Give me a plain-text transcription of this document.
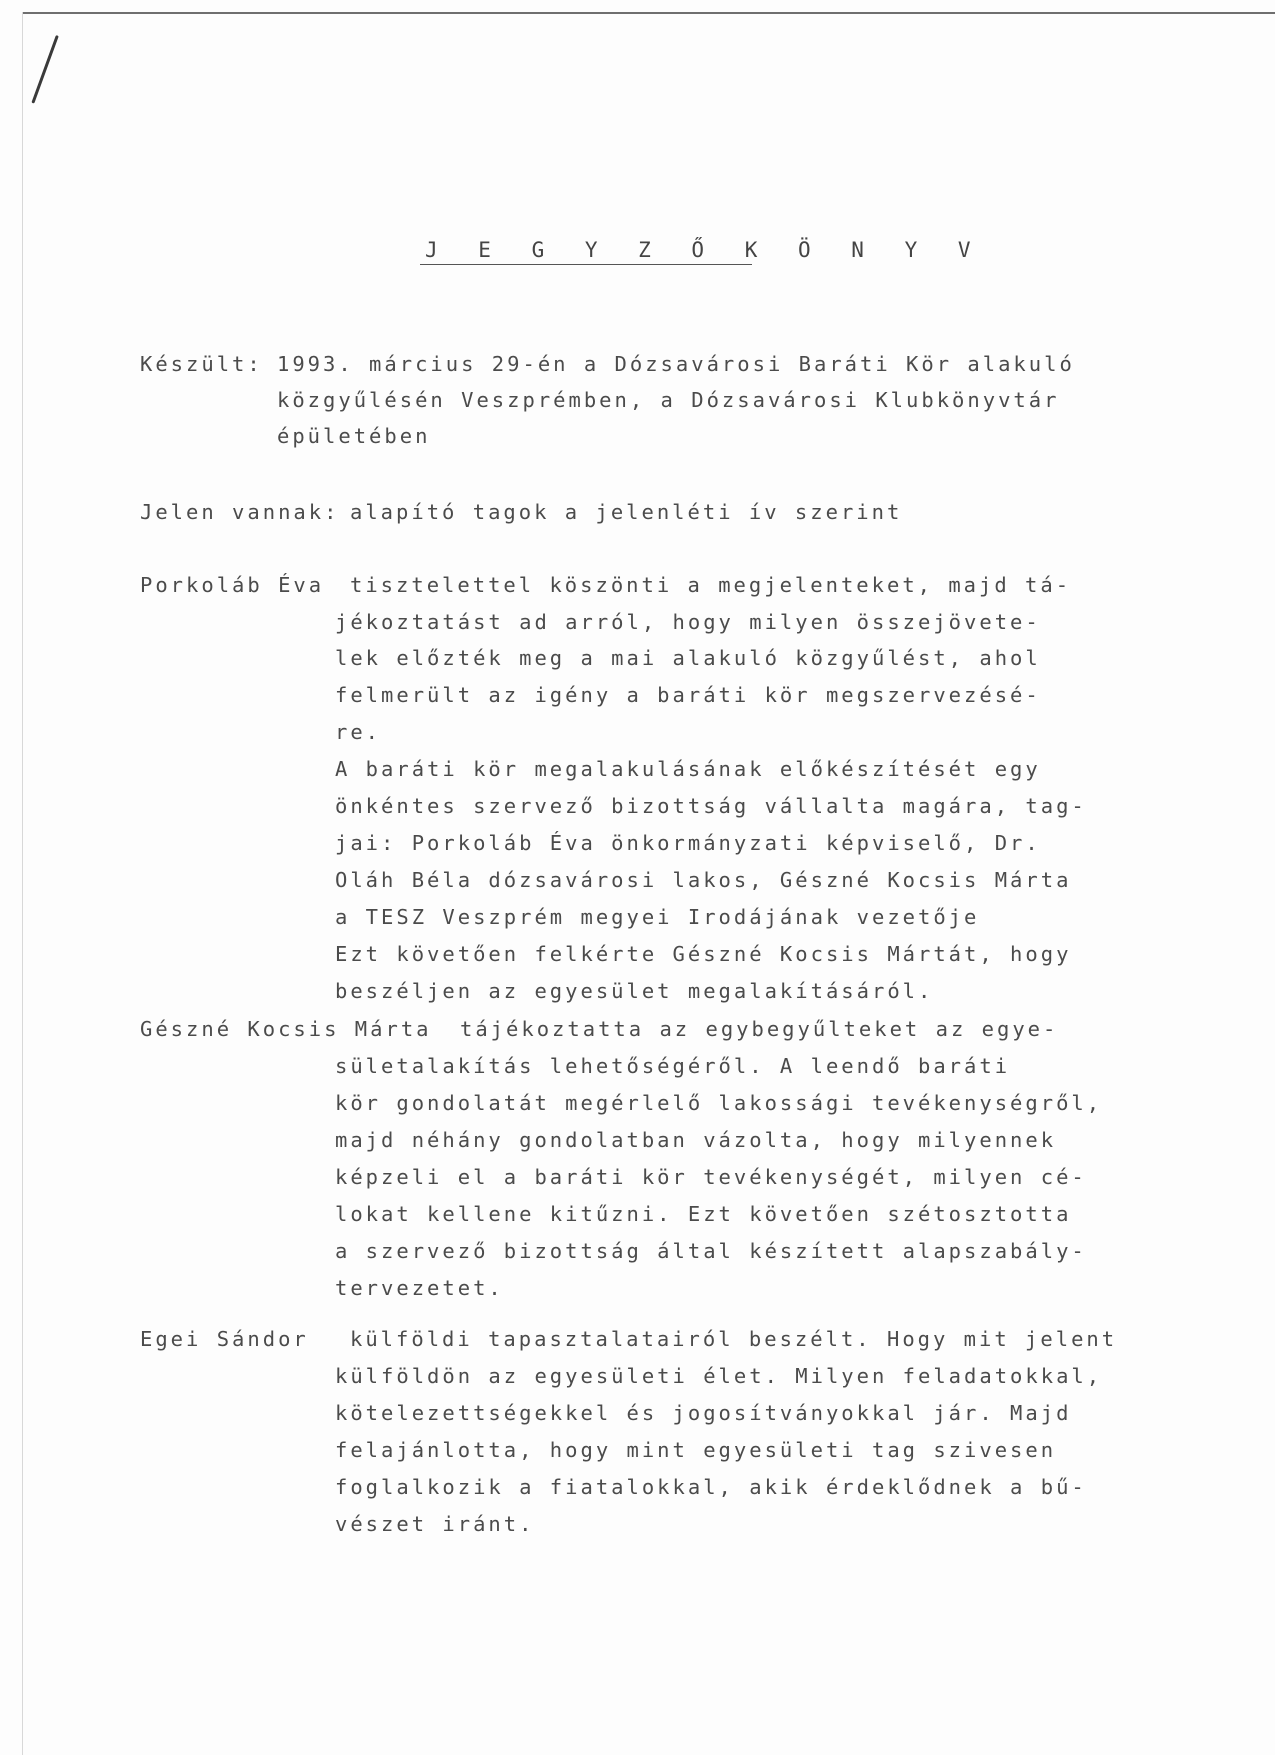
J E G Y Z Ő K Ö N Y V
Készült: 1993. március 29-én a Dózsavárosi Baráti Kör alakuló
közgyűlésén Veszprémben, a Dózsavárosi Klubkönyvtár
épületében
Jelen vannak: alapító tagok a jelenléti ív szerint
Porkoláb Éva tisztelettel köszönti a megjelenteket, majd tá-
jékoztatást ad arról, hogy milyen összejövete-
lek előzték meg a mai alakuló közgyűlést, ahol
felmerült az igény a baráti kör megszervezésé-
re.
A baráti kör megalakulásának előkészítését egy
önkéntes szervező bizottság vállalta magára, tag-
jai: Porkoláb Éva önkormányzati képviselő, Dr.
Oláh Béla dózsavárosi lakos, Gészné Kocsis Márta
a TESZ Veszprém megyei Irodájának vezetője
Ezt követően felkérte Gészné Kocsis Mártát, hogy
beszéljen az egyesület megalakításáról.
Gészné Kocsis Márta tájékoztatta az egybegyűlteket az egye-
sületalakítás lehetőségéről. A leendő baráti
kör gondolatát megérlelő lakossági tevékenységről,
majd néhány gondolatban vázolta, hogy milyennek
képzeli el a baráti kör tevékenységét, milyen cé-
lokat kellene kitűzni. Ezt követően szétosztotta
a szervező bizottság által készített alapszabály-
tervezetet.
Egei Sándor külföldi tapasztalatairól beszélt. Hogy mit jelent
külföldön az egyesületi élet. Milyen feladatokkal,
kötelezettségekkel és jogosítványokkal jár. Majd
felajánlotta, hogy mint egyesületi tag szivesen
foglalkozik a fiatalokkal, akik érdeklődnek a bű-
vészet iránt.
